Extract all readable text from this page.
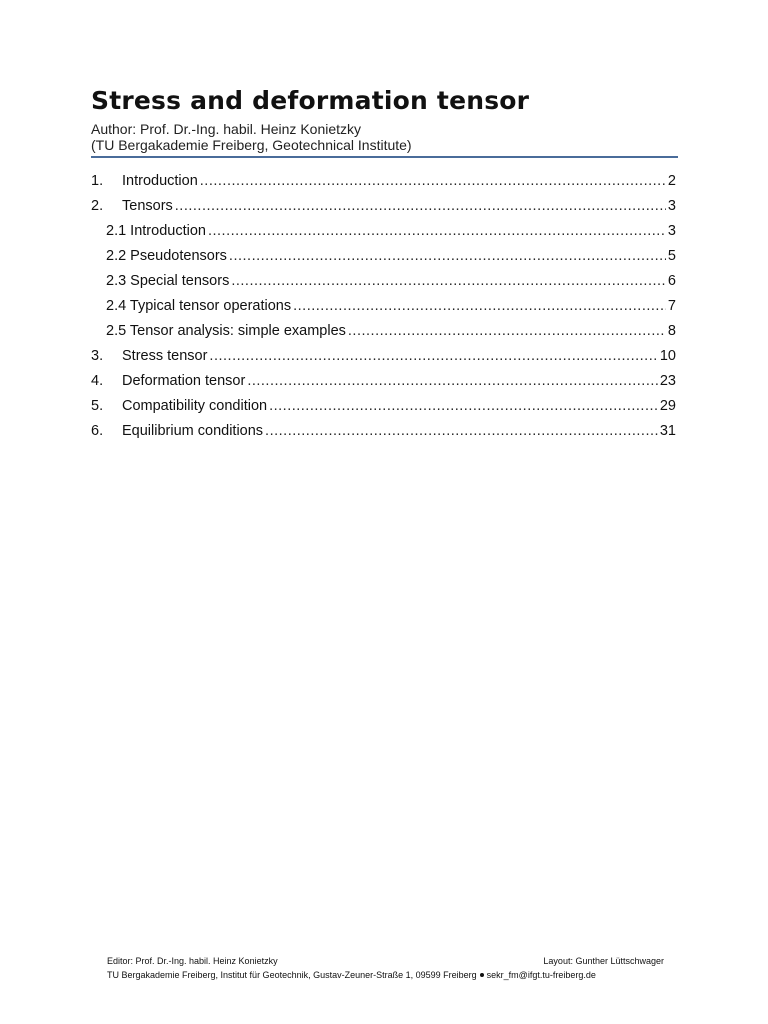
Stress and deformation tensor
Author: Prof. Dr.-Ing. habil. Heinz Konietzky
(TU Bergakademie Freiberg, Geotechnical Institute)
1.	Introduction .....	2
2.	Tensors .....	3
2.1 Introduction .....	3
2.2 Pseudotensors .....	5
2.3 Special tensors .....	6
2.4 Typical tensor operations .....	7
2.5 Tensor analysis: simple examples .....	8
3.	Stress tensor .....	10
4.	Deformation tensor .....	23
5.	Compatibility condition .....	29
6.	Equilibrium conditions .....	31
Editor: Prof. Dr.-Ing. habil. Heinz Konietzky	Layout: Gunther Lüttschwager
TU Bergakademie Freiberg, Institut für Geotechnik, Gustav-Zeuner-Straße 1, 09599 Freiberg sekr_fm@ifgt.tu-freiberg.de
